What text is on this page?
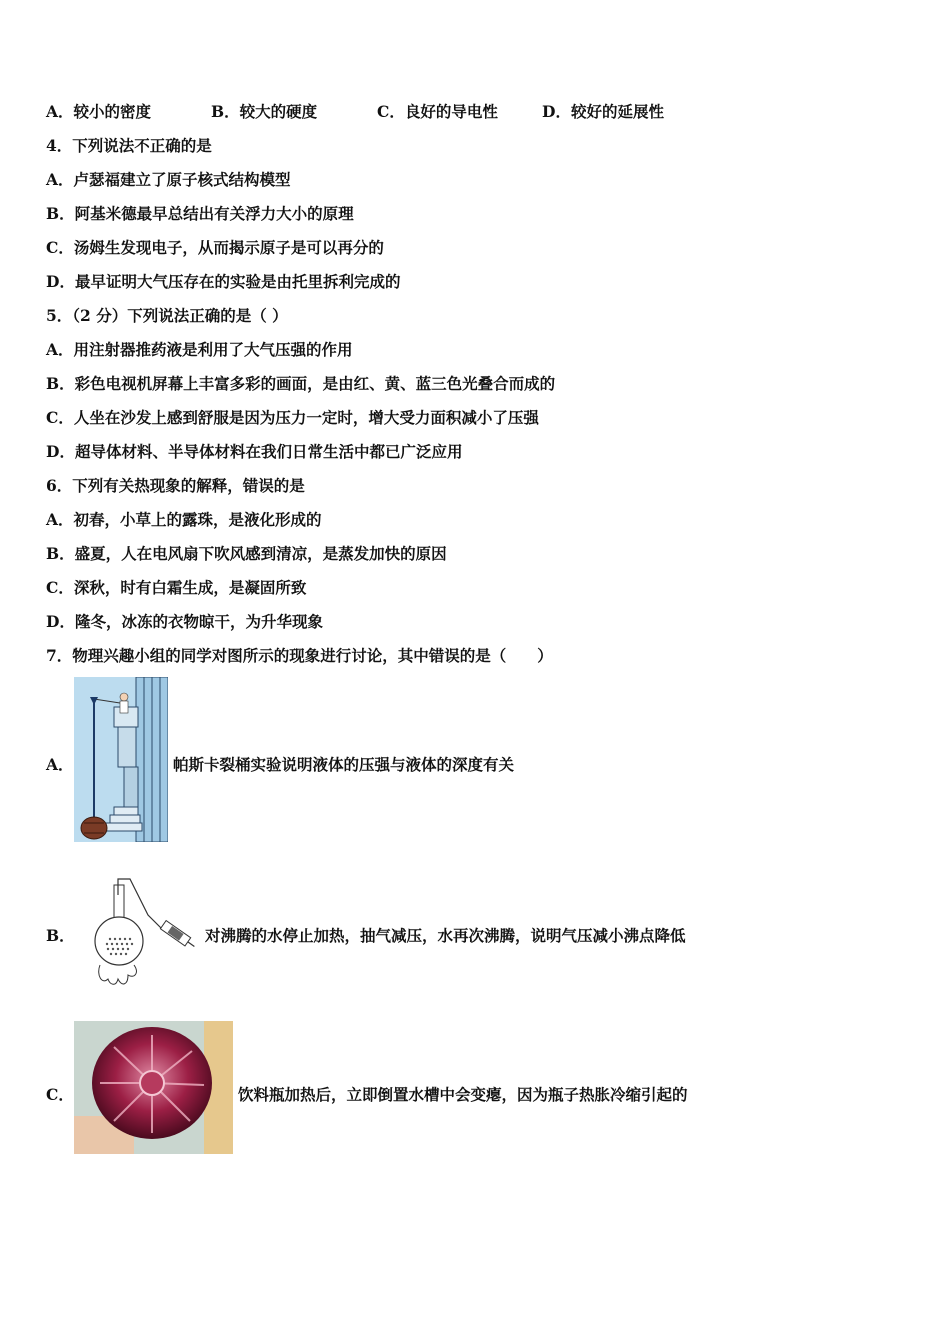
A．较小的密度	B．较大的硬度	C．良好的导电性	D．较好的延展性
4．下列说法不正确的是
A．卢瑟福建立了原子核式结构模型
B．阿基米德最早总结出有关浮力大小的原理
C．汤姆生发现电子，从而揭示原子是可以再分的
D．最早证明大气压存在的实验是由托里拆利完成的
5．（2 分）下列说法正确的是（ ）
A．用注射器推药液是利用了大气压强的作用
B．彩色电视机屏幕上丰富多彩的画面，是由红、黄、蓝三色光叠合而成的
C．人坐在沙发上感到舒服是因为压力一定时，增大受力面积减小了压强
D．超导体材料、半导体材料在我们日常生活中都已广泛应用
6．下列有关热现象的解释，错误的是
A．初春，小草上的露珠，是液化形成的
B．盛夏，人在电风扇下吹风感到清凉，是蒸发加快的原因
C．深秋，时有白霜生成，是凝固所致
D．隆冬，冰冻的衣物晾干，为升华现象
7．物理兴趣小组的同学对图所示的现象进行讨论，其中错误的是（　　）
A．	帕斯卡裂桶实验说明液体的压强与液体的深度有关
B．	对沸腾的水停止加热，抽气减压，水再次沸腾，说明气压减小沸点降低
C．	饮料瓶加热后，立即倒置水槽中会变瘪，因为瓶子热胀冷缩引起的
